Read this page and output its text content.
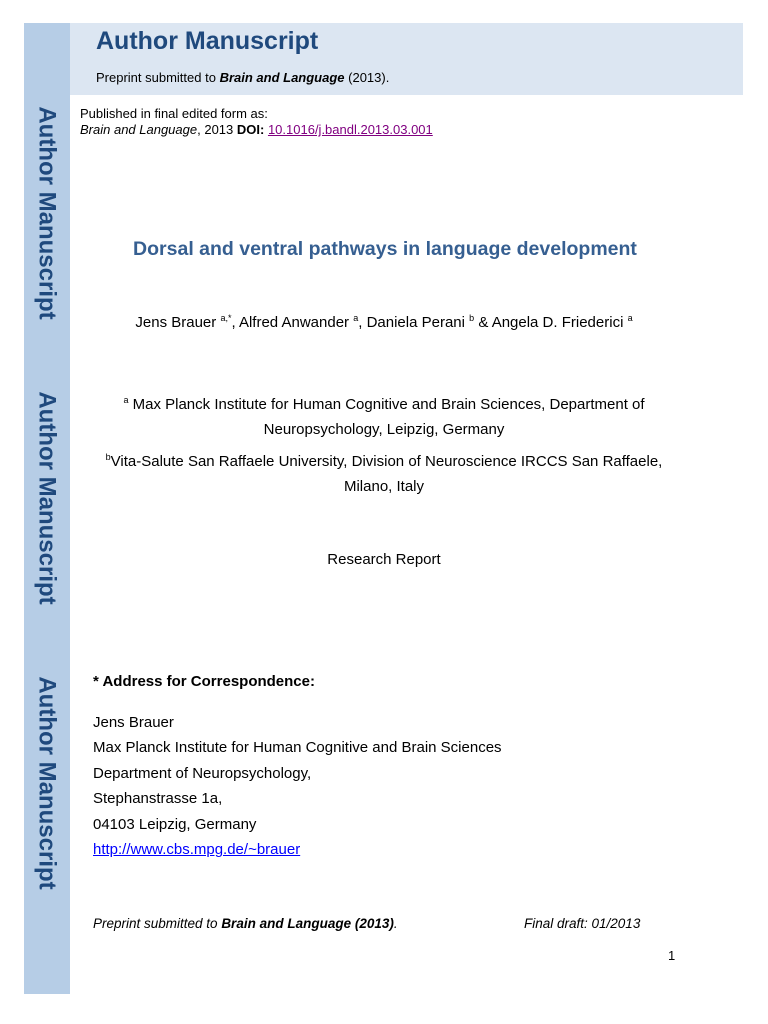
Author Manuscript
Author Manuscript
Author Manuscript
Author Manuscript
Preprint submitted to Brain and Language (2013).
Published in final edited form as:
Brain and Language, 2013 DOI: 10.1016/j.bandl.2013.03.001
Dorsal and ventral pathways in language development
Jens Brauer $^{a,*}$, Alfred Anwander $^a$, Daniela Perani $^b$ & Angela D. Friederici $^a$
$^a$ Max Planck Institute for Human Cognitive and Brain Sciences, Department of
Neuropsychology, Leipzig, Germany
$^b$Vita-Salute San Raffaele University, Division of Neuroscience IRCCS San Raffaele,
Milano, Italy
Research Report
* Address for Correspondence:
Jens Brauer
Max Planck Institute for Human Cognitive and Brain Sciences
Department of Neuropsychology,
Stephanstrasse 1a,
04103 Leipzig, Germany
http://www.cbs.mpg.de/~brauer
Preprint submitted to Brain and Language (2013).	Final draft: 01/2013
1
